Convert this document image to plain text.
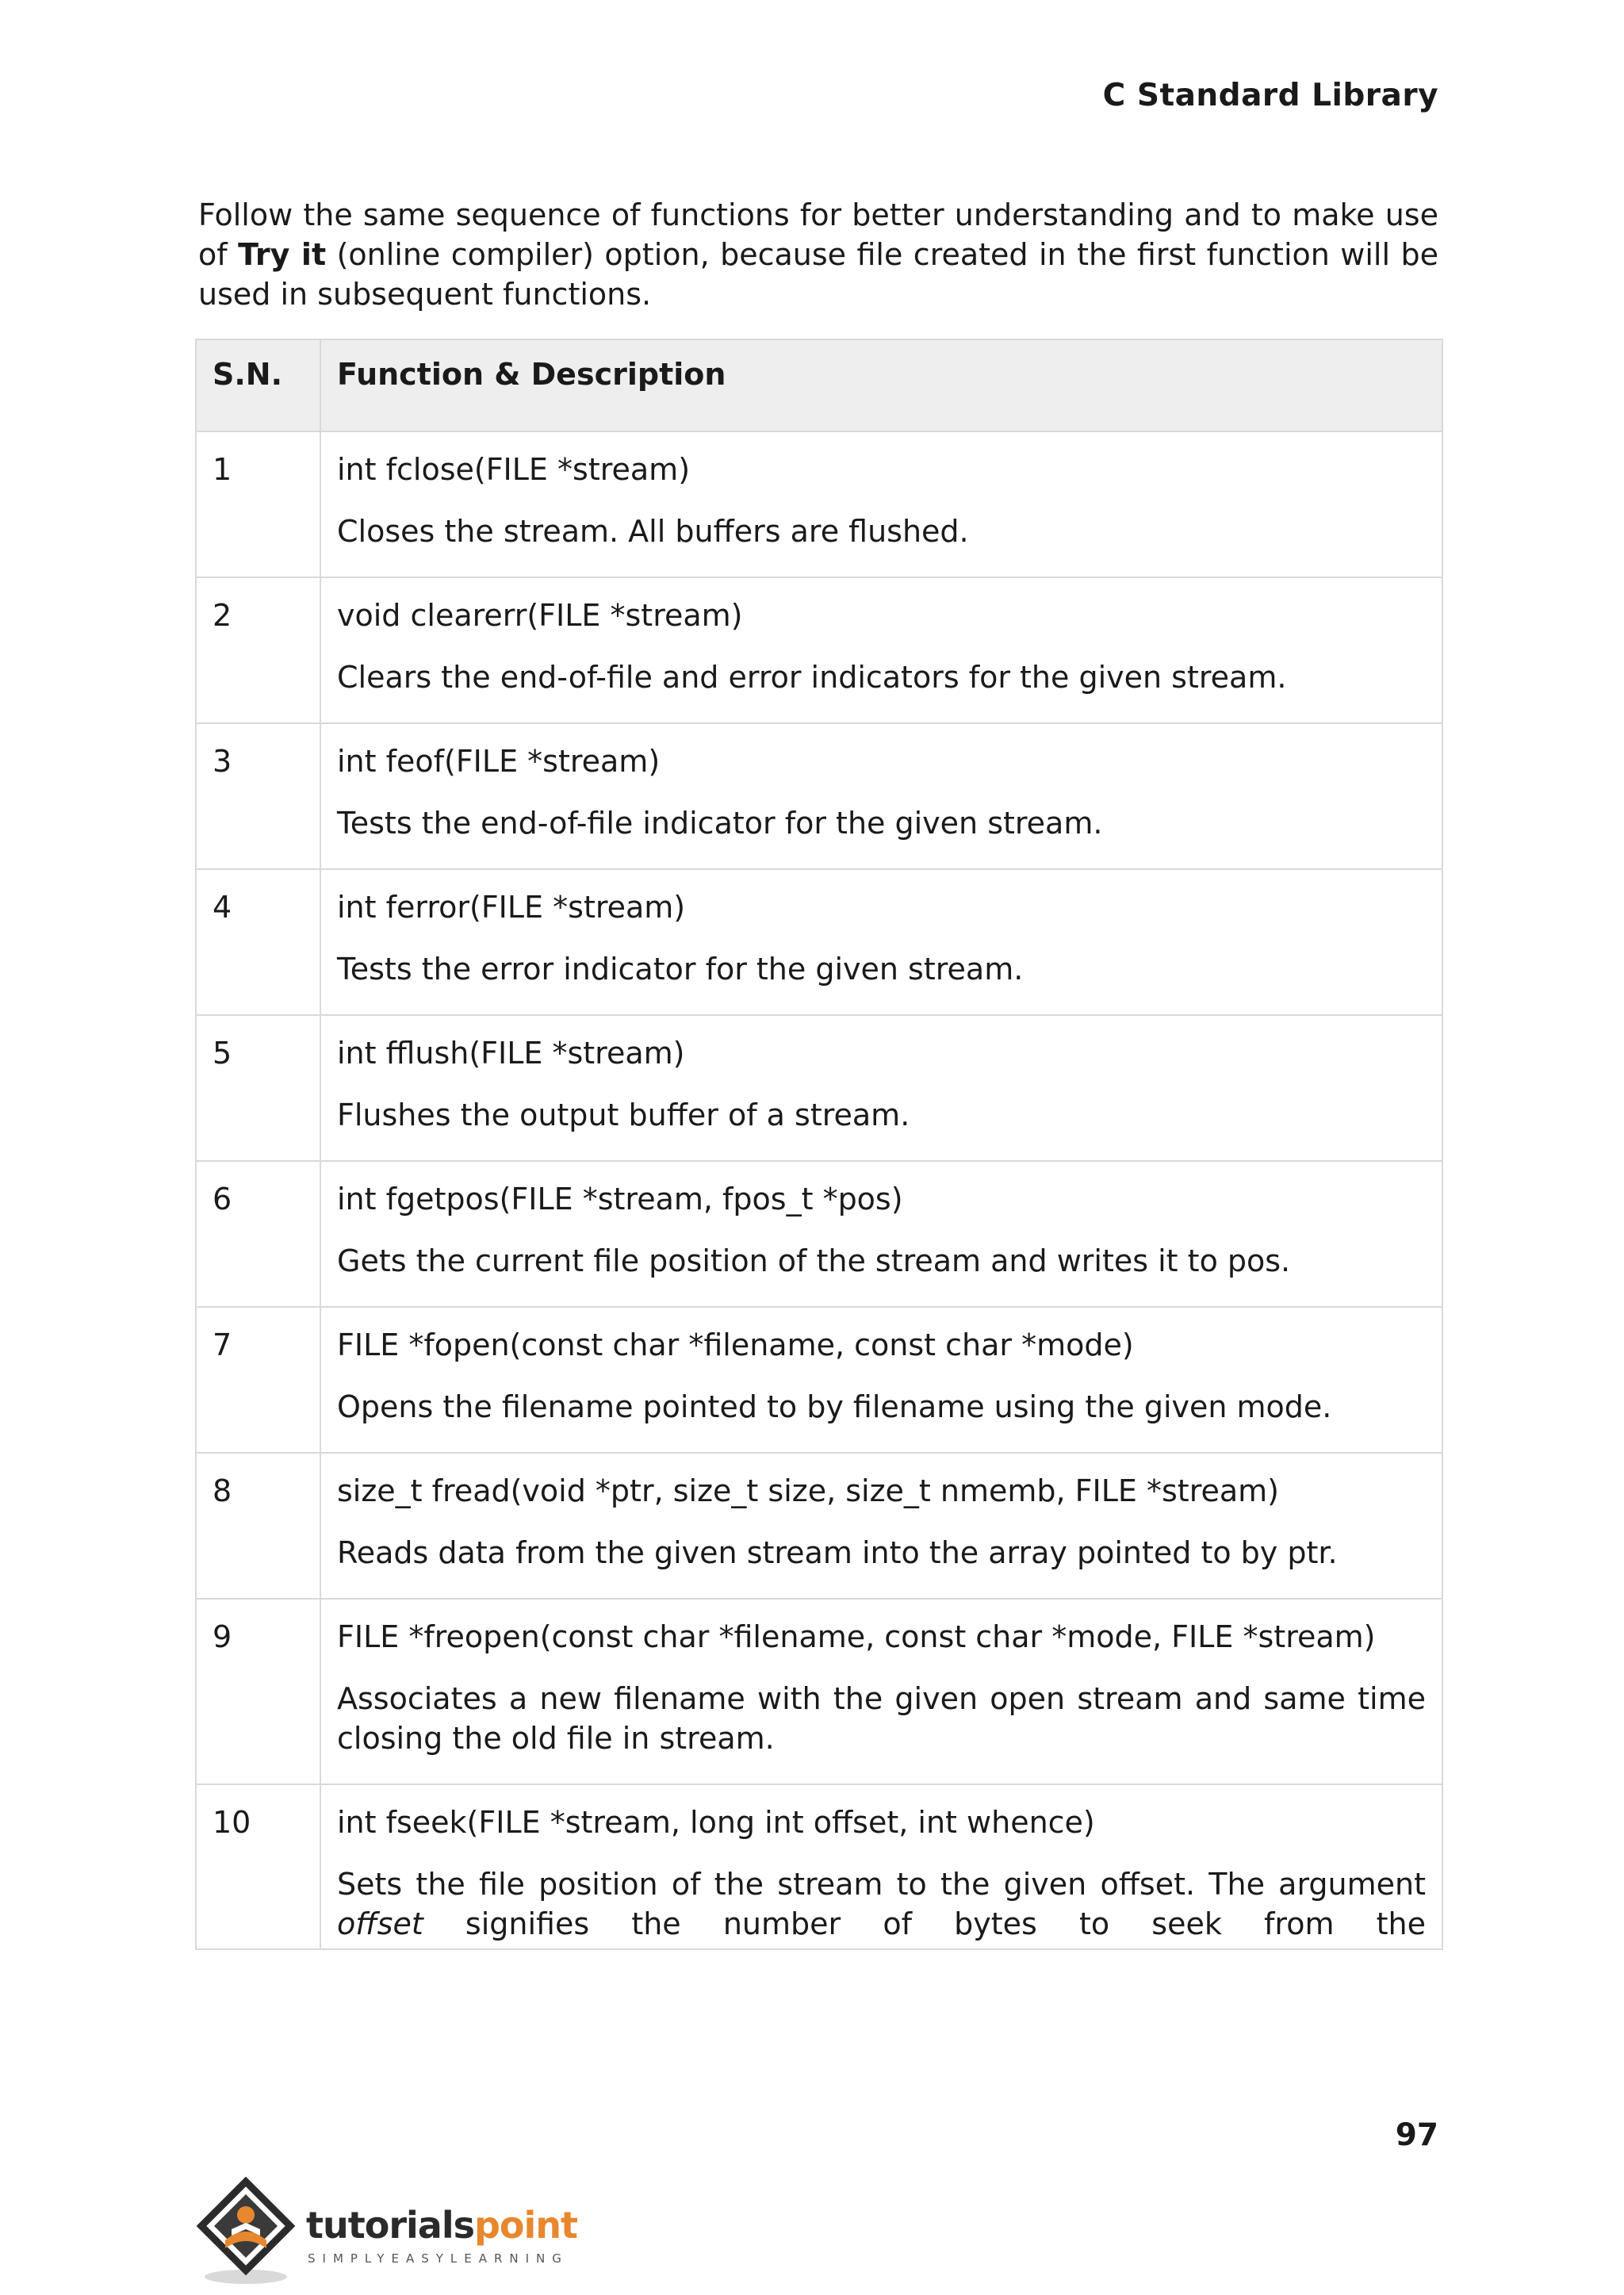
C Standard Library

Follow the same sequence of functions for better understanding and to make use of Try it (online compiler) option, because file created in the first function will be used in subsequent functions.

S.N.	Function & Description
1	int fclose(FILE *stream)
Closes the stream. All buffers are flushed.

2	void clearerr(FILE *stream)
Clears the end-of-file and error indicators for the given stream.

3	int feof(FILE *stream)
Tests the end-of-file indicator for the given stream.

4	int ferror(FILE *stream)
Tests the error indicator for the given stream.

5	int fflush(FILE *stream)
Flushes the output buffer of a stream.

6	int fgetpos(FILE *stream, fpos_t *pos)
Gets the current file position of the stream and writes it to pos.

7	FILE *fopen(const char *filename, const char *mode)
Opens the filename pointed to by filename using the given mode.

8	size_t fread(void *ptr, size_t size, size_t nmemb, FILE *stream)
Reads data from the given stream into the array pointed to by ptr.

9	FILE *freopen(const char *filename, const char *mode, FILE *stream)
Associates a new filename with the given open stream and same time closing the old file in stream.

10	int fseek(FILE *stream, long int offset, int whence)
Sets the file position of the stream to the given offset. The argument offset signifies the number of bytes to seek from the
97
tutorialspoint
SIMPLYEASYLEARNING
